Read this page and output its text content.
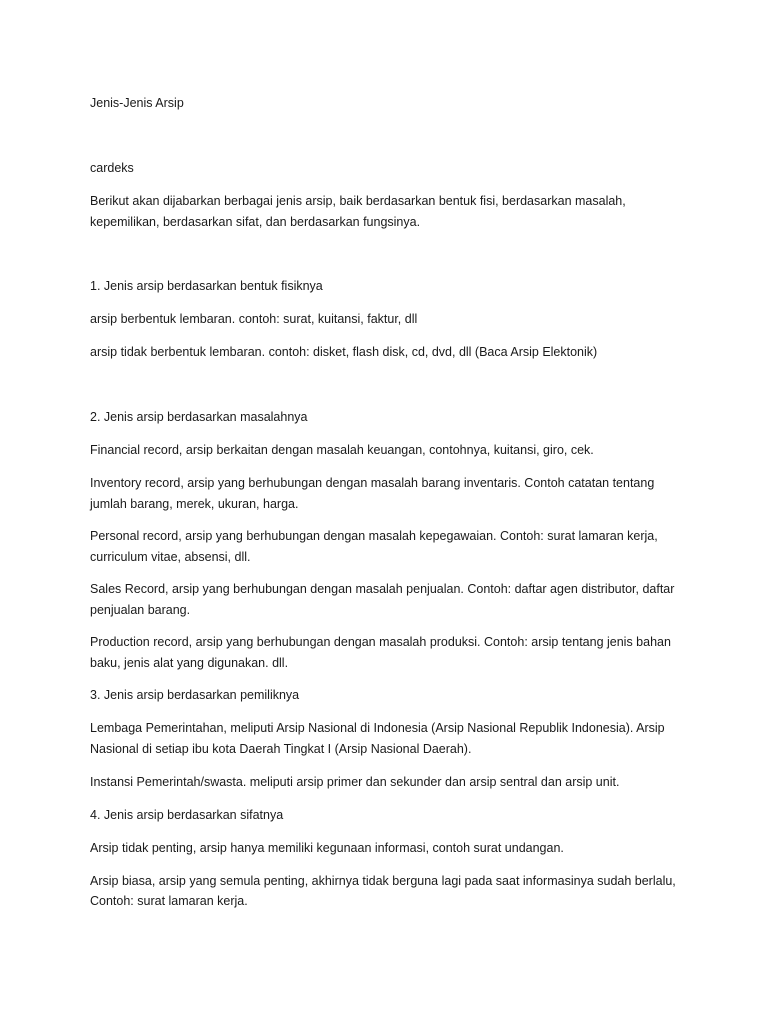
Jenis-Jenis Arsip

cardeks

Berikut akan dijabarkan berbagai jenis arsip, baik berdasarkan bentuk fisi, berdasarkan masalah,

kepemilikan, berdasarkan sifat, dan berdasarkan fungsinya.

1. Jenis arsip berdasarkan bentuk fisiknya

arsip berbentuk lembaran. contoh: surat, kuitansi, faktur, dll

arsip tidak berbentuk lembaran. contoh: disket, flash disk, cd, dvd, dll (Baca Arsip Elektonik)

2. Jenis arsip berdasarkan masalahnya

Financial record, arsip berkaitan dengan masalah keuangan, contohnya, kuitansi, giro, cek.

Inventory record, arsip yang berhubungan dengan masalah barang inventaris. Contoh catatan tentang

jumlah barang, merek, ukuran, harga.

Personal record, arsip yang berhubungan dengan masalah kepegawaian. Contoh: surat lamaran kerja,

curriculum vitae, absensi, dll.

Sales Record, arsip yang berhubungan dengan masalah penjualan. Contoh: daftar agen distributor, daftar

penjualan barang.

Production record, arsip yang berhubungan dengan masalah produksi. Contoh: arsip tentang jenis bahan

baku, jenis alat yang digunakan. dll.

3. Jenis arsip berdasarkan pemiliknya

Lembaga Pemerintahan, meliputi Arsip Nasional di Indonesia (Arsip Nasional Republik Indonesia). Arsip

Nasional di setiap ibu kota Daerah Tingkat I (Arsip Nasional Daerah).

Instansi Pemerintah/swasta. meliputi arsip primer dan sekunder dan arsip sentral dan arsip unit.

4. Jenis arsip berdasarkan sifatnya

Arsip tidak penting, arsip hanya memiliki kegunaan informasi, contoh surat undangan.

Arsip biasa, arsip yang semula penting, akhirnya tidak berguna lagi pada saat informasinya sudah berlalu,

Contoh: surat lamaran kerja.
